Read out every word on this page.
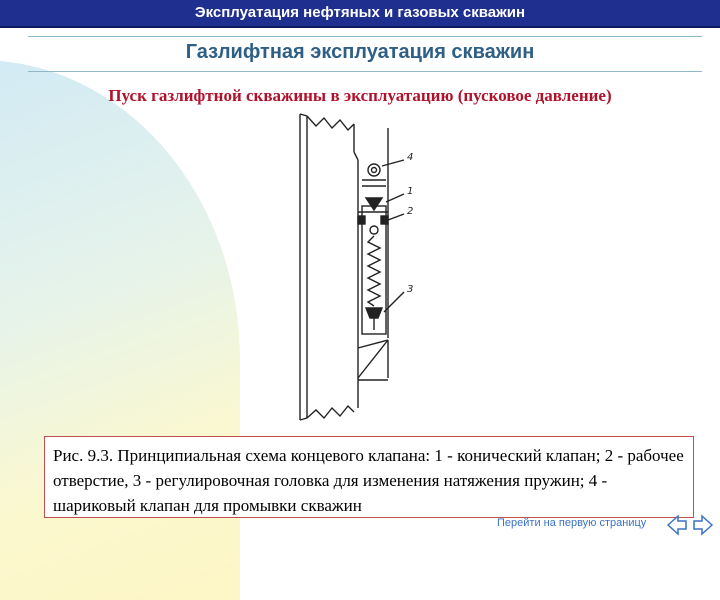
Эксплуатация нефтяных и газовых скважин
Газлифтная эксплуатация скважин
Пуск газлифтной скважины в эксплуатацию (пусковое давление)
4
1
2
3
Рис. 9.3. Принципиальная схема концевого клапана: 1 - конический клапан; 2 - рабочее отверстие, 3 - регулировочная головка для изменения натяжения пружин; 4 - шариковый клапан для промывки скважин
Перейти на первую страницу
